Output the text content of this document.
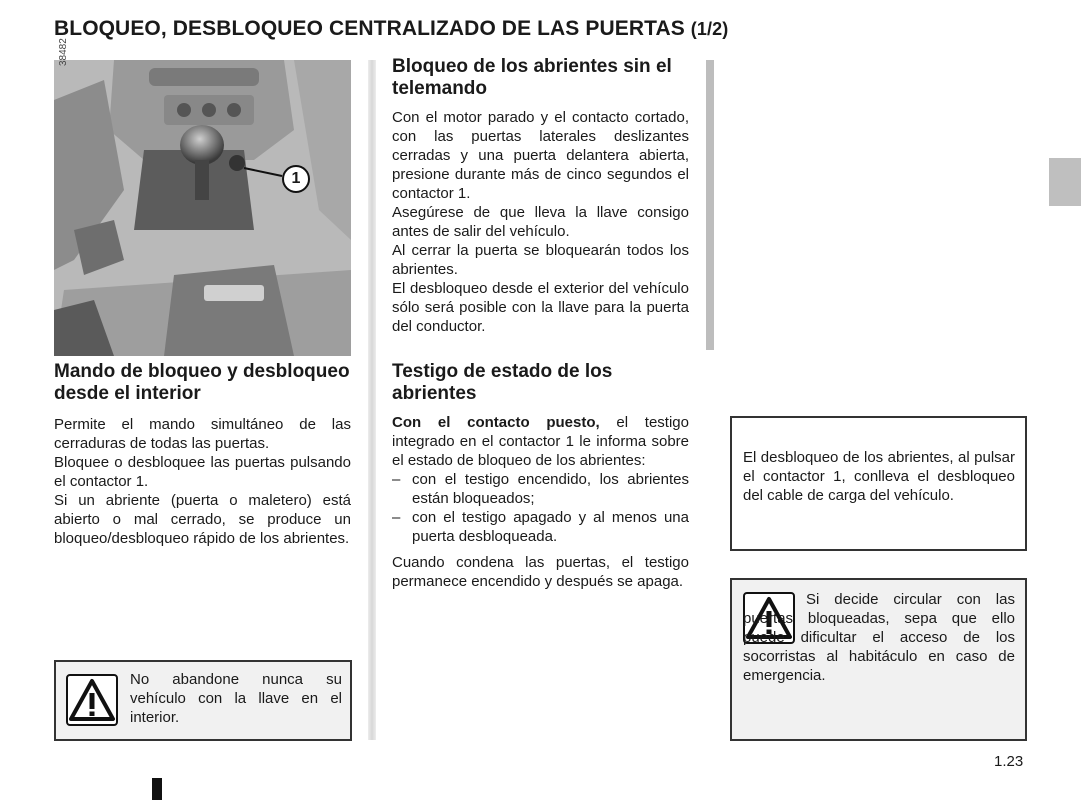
BLOQUEO, DESBLOQUEO CENTRALIZADO DE LAS PUERTAS (1/2)
38482
1
Mando de bloqueo y desbloqueo desde el interior

Permite el mando simultáneo de las cerraduras de todas las puertas.

Bloquee o desbloquee las puertas pulsando el contactor 1.

Si un abriente (puerta o maletero) está abierto o mal cerrado, se produce un bloqueo/desbloqueo rápido de los abrientes.

No abandone nunca su vehículo con la llave en el interior.

Bloqueo de los abrientes sin el telemando

Con el motor parado y el contacto cortado, con las puertas laterales deslizantes cerradas y una puerta delantera abierta, presione durante más de cinco segundos el contactor 1.

Asegúrese de que lleva la llave consigo antes de salir del vehículo.

Al cerrar la puerta se bloquearán todos los abrientes.

El desbloqueo desde el exterior del vehículo sólo será posible con la llave para la puerta del conductor.

Testigo de estado de los abrientes

Con el contacto puesto, el testigo integrado en el contactor 1 le informa sobre el estado de bloqueo de los abrientes:

– con el testigo encendido, los abrientes están bloqueados;
– con el testigo apagado y al menos una puerta desbloqueada.

Cuando condena las puertas, el testigo permanece encendido y después se apaga.

El desbloqueo de los abrientes, al pulsar el contactor 1, conlleva el desbloqueo del cable de carga del vehículo.

Si decide circular con las puertas bloqueadas, sepa que ello puede dificultar el acceso de los socorristas al habitáculo en caso de emergencia.

1.23
